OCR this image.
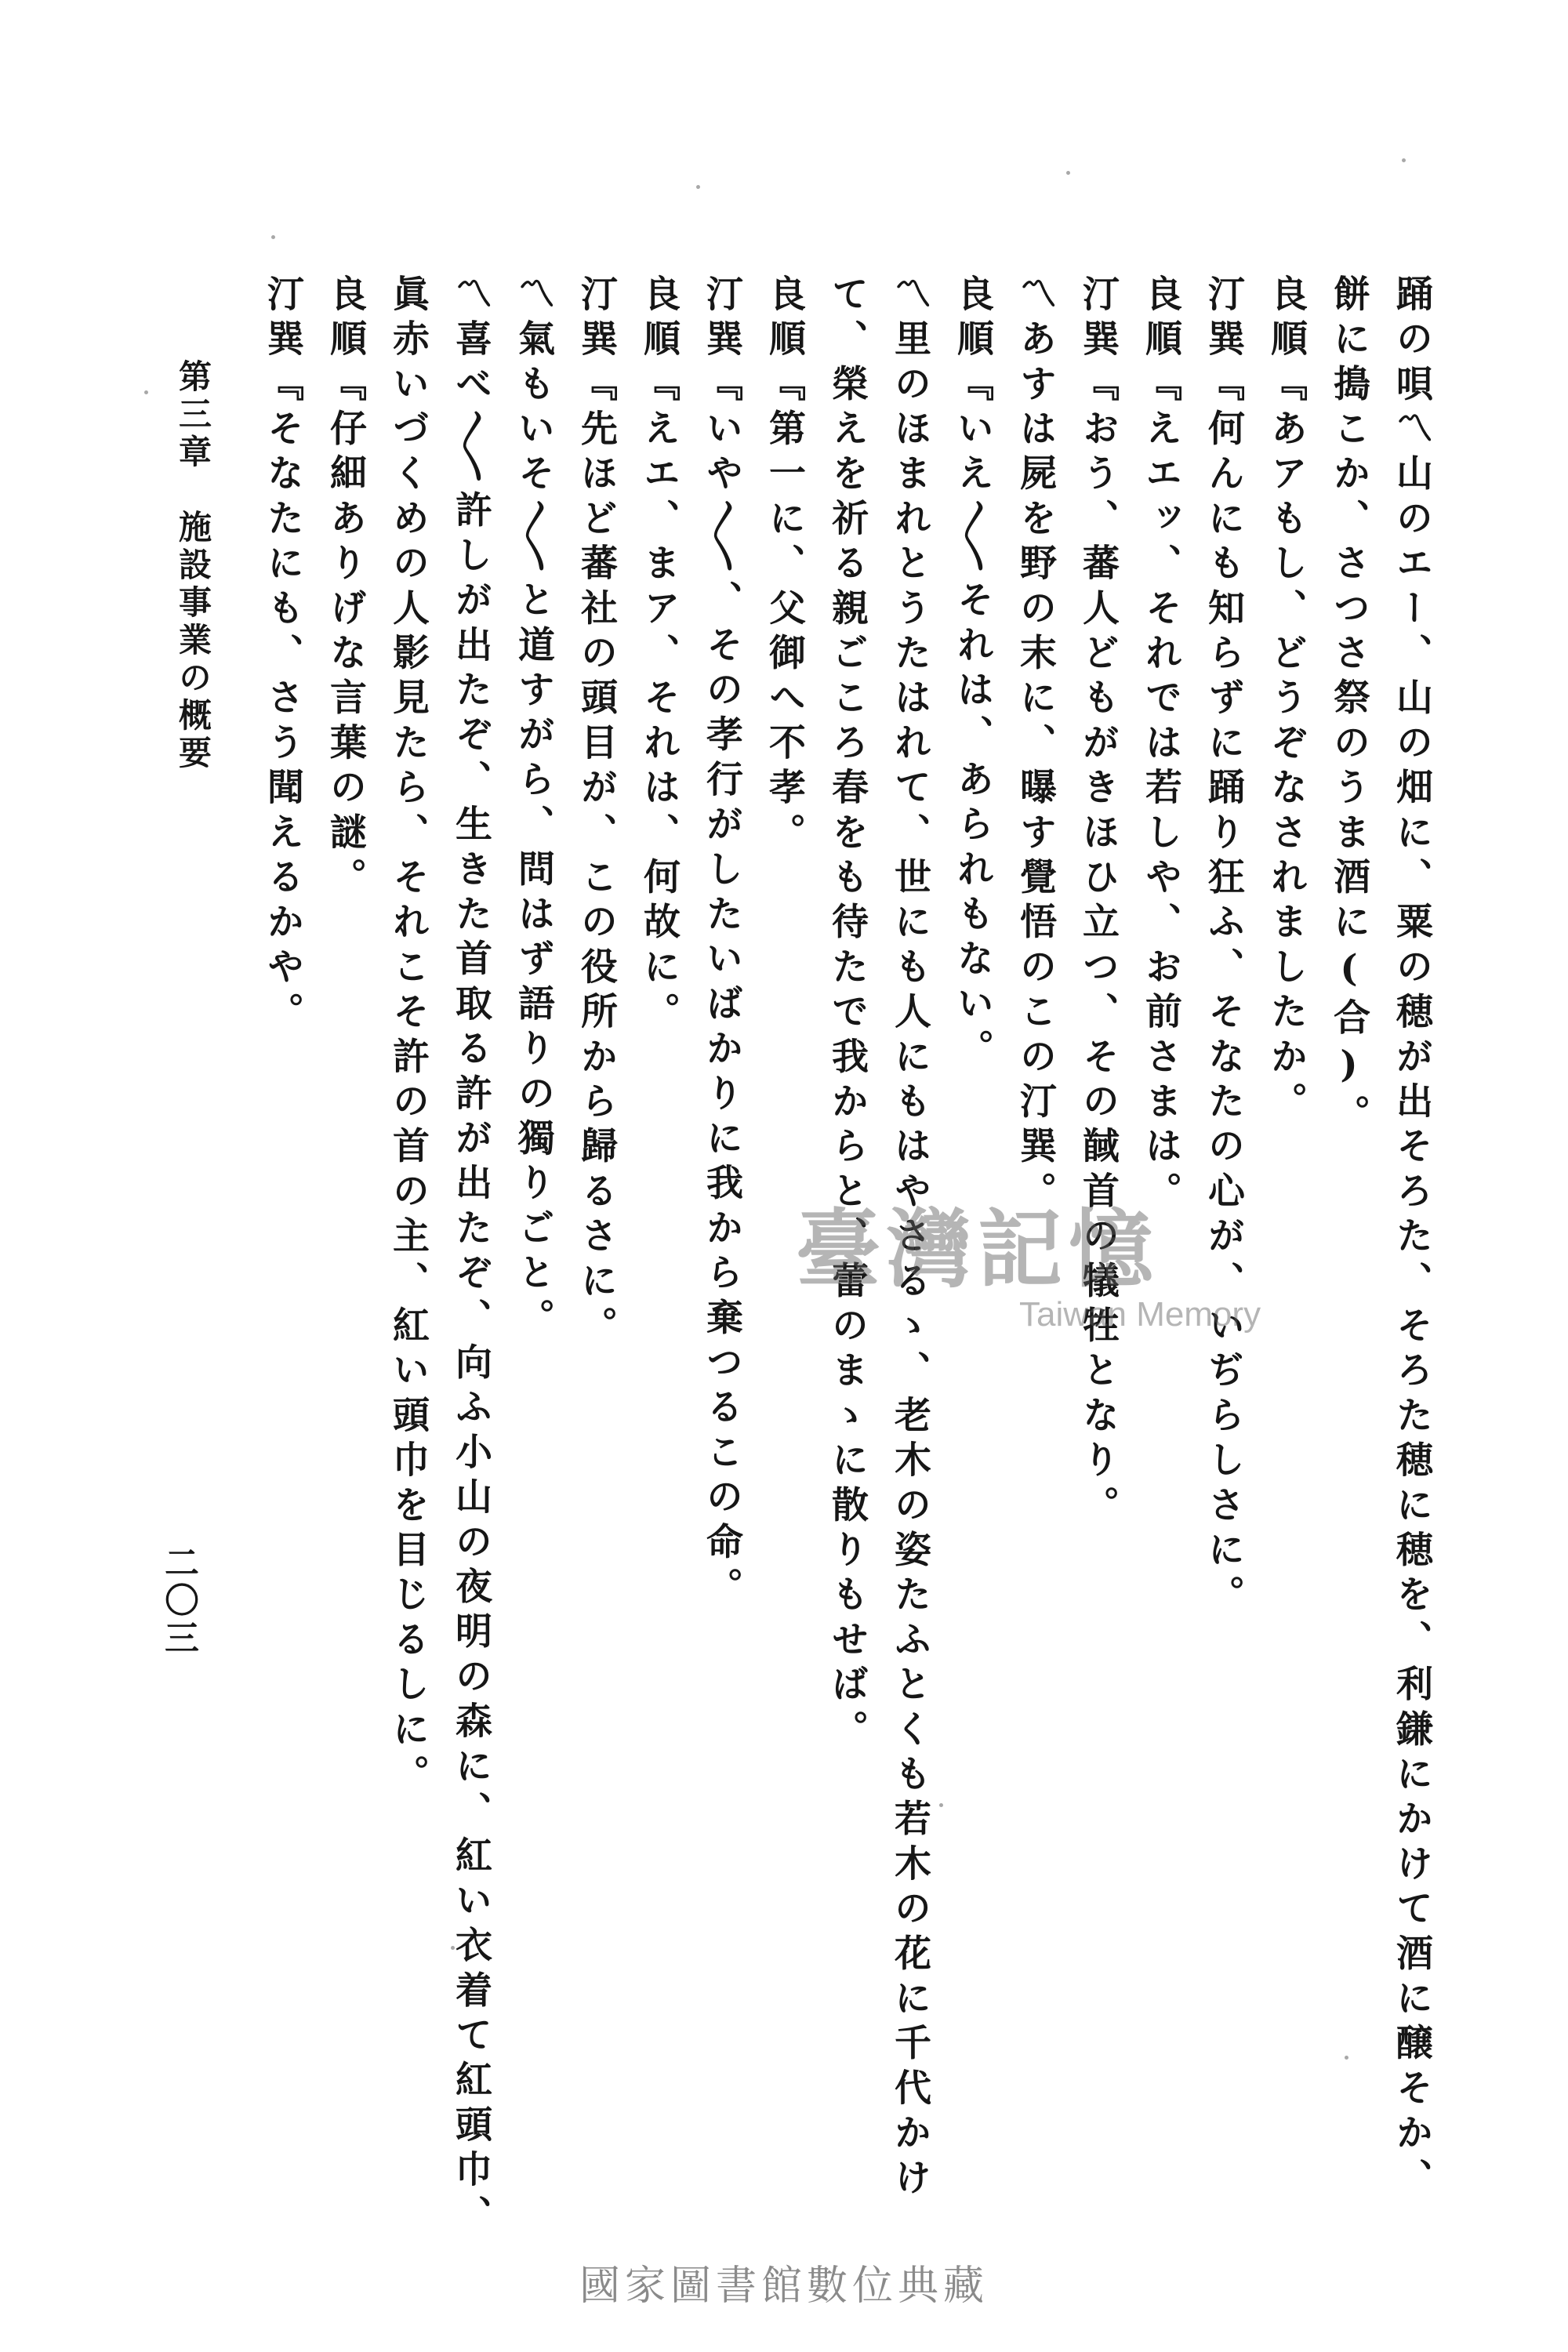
踊の唄〽山のエー、山の畑に、粟の穂が出そろた、そろた穂に穂を、利鎌にかけて酒に醸そか、
餅に搗こか、さつさ祭のうま酒に(合)。
良順『あアもし、どうぞなされましたか。
汀巽『何んにも知らずに踊り狂ふ、そなたの心が、いぢらしさに。
良順『えエッ、それでは若しや、お前さまは。
汀巽『おう、蕃人どもがきほひ立つ、その馘首の犠牲となり。
〽あすは屍を野の末に、曝す覺悟のこの汀巽。
良順『いえ〳〵それは、あられもない。
〽里のほまれとうたはれて、世にも人にもはやさるゝ、老木の姿たふとくも若木の花に千代かけ
て、榮えを祈る親ごころ春をも待たで我からと、蕾のまゝに散りもせば。
良順『第一に、父御へ不孝。
汀巽『いや〳〵、その孝行がしたいばかりに我から棄つるこの命。
良順『えエ、まア、それは、何故に。
汀巽『先ほど蕃社の頭目が、この役所から歸るさに。
〽氣もいそ〳〵と道すがら、問はず語りの獨りごと。
〽喜べ〳〵許しが出たぞ、生きた首取る許が出たぞ、向ふ小山の夜明の森に、紅い衣着て紅頭巾、
眞赤いづくめの人影見たら、それこそ許の首の主、紅い頭巾を目じるしに。
良順『仔細ありげな言葉の謎。
汀巽『そなたにも、さう聞えるかや。
第三章　施設事業の概要
二〇三
臺灣記憶
Taiwan Memory
國家圖書館數位典藏
